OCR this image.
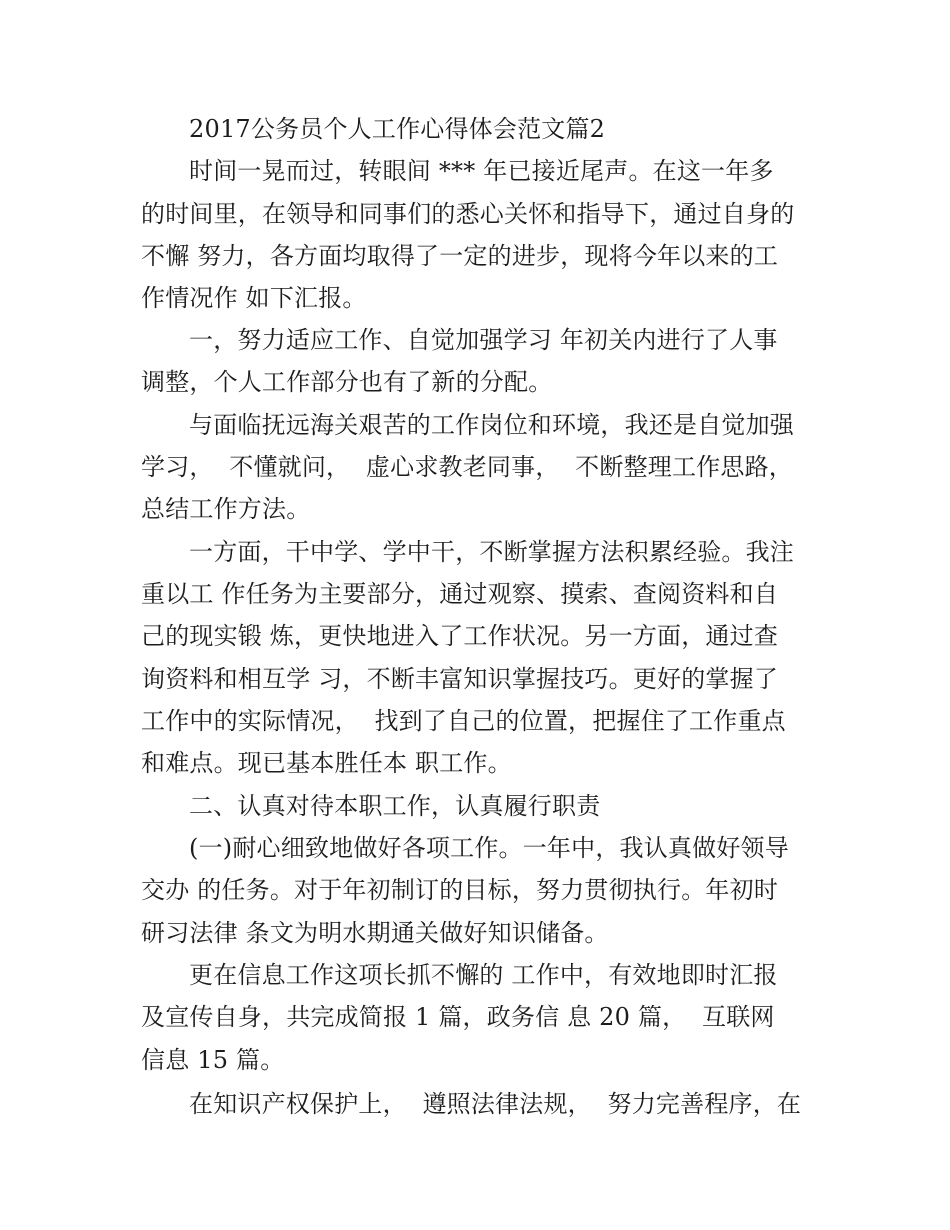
2017公务员个人工作心得体会范文篇2

时间一晃而过，转眼间 *** 年已接近尾声。在这一年多

的时间里，在领导和同事们的悉心关怀和指导下，通过自身的

不懈 努力，各方面均取得了一定的进步，现将今年以来的工

作情况作 如下汇报。

一，努力适应工作、自觉加强学习 年初关内进行了人事

调整，个人工作部分也有了新的分配。

与面临抚远海关艰苦的工作岗位和环境，我还是自觉加强

学习，  不懂就问，  虚心求教老同事，  不断整理工作思路，

总结工作方法。

一方面，干中学、学中干，不断掌握方法积累经验。我注

重以工 作任务为主要部分，通过观察、摸索、查阅资料和自

己的现实锻 炼，更快地进入了工作状况。另一方面，通过查

询资料和相互学 习，不断丰富知识掌握技巧。更好的掌握了

工作中的实际情况，  找到了自己的位置，把握住了工作重点

和难点。现已基本胜任本 职工作。

二、认真对待本职工作，认真履行职责

(一)耐心细致地做好各项工作。一年中，我认真做好领导

交办 的任务。对于年初制订的目标，努力贯彻执行。年初时

研习法律 条文为明水期通关做好知识储备。

更在信息工作这项长抓不懈的 工作中，有效地即时汇报

及宣传自身，共完成简报 1 篇，政务信 息 20 篇，  互联网

信息 15 篇。

在知识产权保护上，  遵照法律法规，  努力完善程序，在
